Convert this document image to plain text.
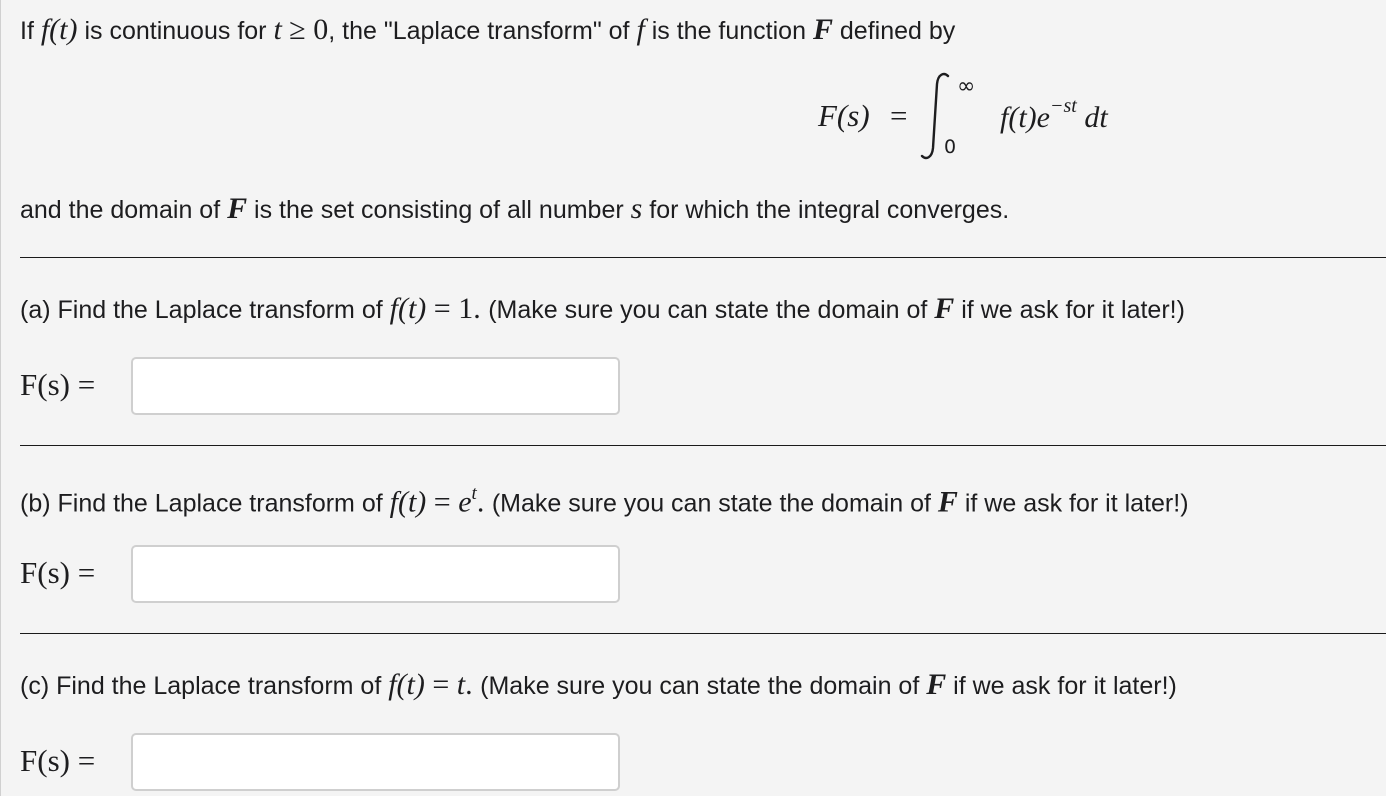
If f(t) is continuous for t ≥ 0, the "Laplace transform" of f is the function F defined by
F(s) =
∞
0
$f(t)e^{-st}$ dt
and the domain of F is the set consisting of all number s for which the integral converges.
(a) Find the Laplace transform of f(t) = 1. (Make sure you can state the domain of F if we ask for it later!)
F(s) =
(b) Find the Laplace transform of $f(t) = e^t$. (Make sure you can state the domain of F if we ask for it later!)
F(s) =
(c) Find the Laplace transform of f(t) = t. (Make sure you can state the domain of F if we ask for it later!)
F(s) =
